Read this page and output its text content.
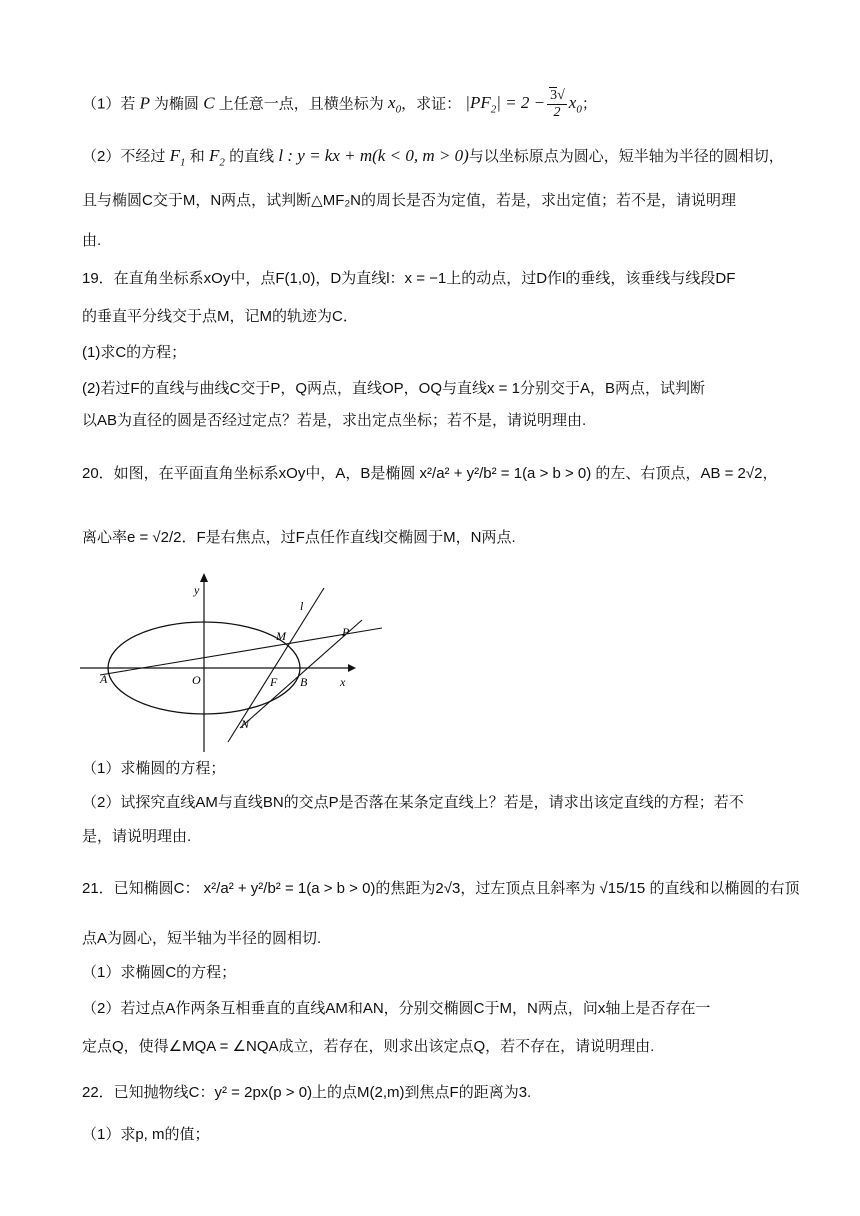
（1）若 P 为椭圆 C 上任意一点，且横坐标为 $x_0$，求证： $|PF_2| = 2 - \frac{3√}{2} x_0$；
（2）不经过 $F_1$ 和 $F_2$ 的直线 l : y = kx + m(k < 0, m > 0)与以坐标原点为圆心，短半轴为半径的圆相切，
且与椭圆C交于M，N两点，试判断△MF₂N的周长是否为定值，若是，求出定值；若不是，请说明理
由.
19．在直角坐标系xOy中，点F(1,0)，D为直线l：x = −1上的动点，过D作l的垂线，该垂线与线段DF
的垂直平分线交于点M，记M的轨迹为C．
(1)求C的方程；
(2)若过F的直线与曲线C交于P，Q两点，直线OP，OQ与直线x = 1分别交于A，B两点，试判断
以AB为直径的圆是否经过定点？若是，求出定点坐标；若不是，请说明理由.
20．如图，在平面直角坐标系xOy中，A，B是椭圆 x²/a² + y²/b² = 1(a > b > 0) 的左、右顶点，AB = 2√2，
离心率e = √2/2．F是右焦点，过F点任作直线l交椭圆于M，N两点.
y
x
l
M	P
A	O	F B
N
（1）求椭圆的方程；
（2）试探究直线AM与直线BN的交点P是否落在某条定直线上？若是，请求出该定直线的方程；若不
是，请说明理由.
21．已知椭圆C： x²/a² + y²/b² = 1(a > b > 0)的焦距为2√3，过左顶点且斜率为 √15/15 的直线和以椭圆的右顶
点A为圆心，短半轴为半径的圆相切.
（1）求椭圆C的方程；
（2）若过点A作两条互相垂直的直线AM和AN，分别交椭圆C于M，N两点，问x轴上是否存在一
定点Q，使得∠MQA = ∠NQA成立，若存在，则求出该定点Q，若不存在，请说明理由.
22．已知抛物线C：y² = 2px(p > 0)上的点M(2,m)到焦点F的距离为3.
（1）求p, m的值；
